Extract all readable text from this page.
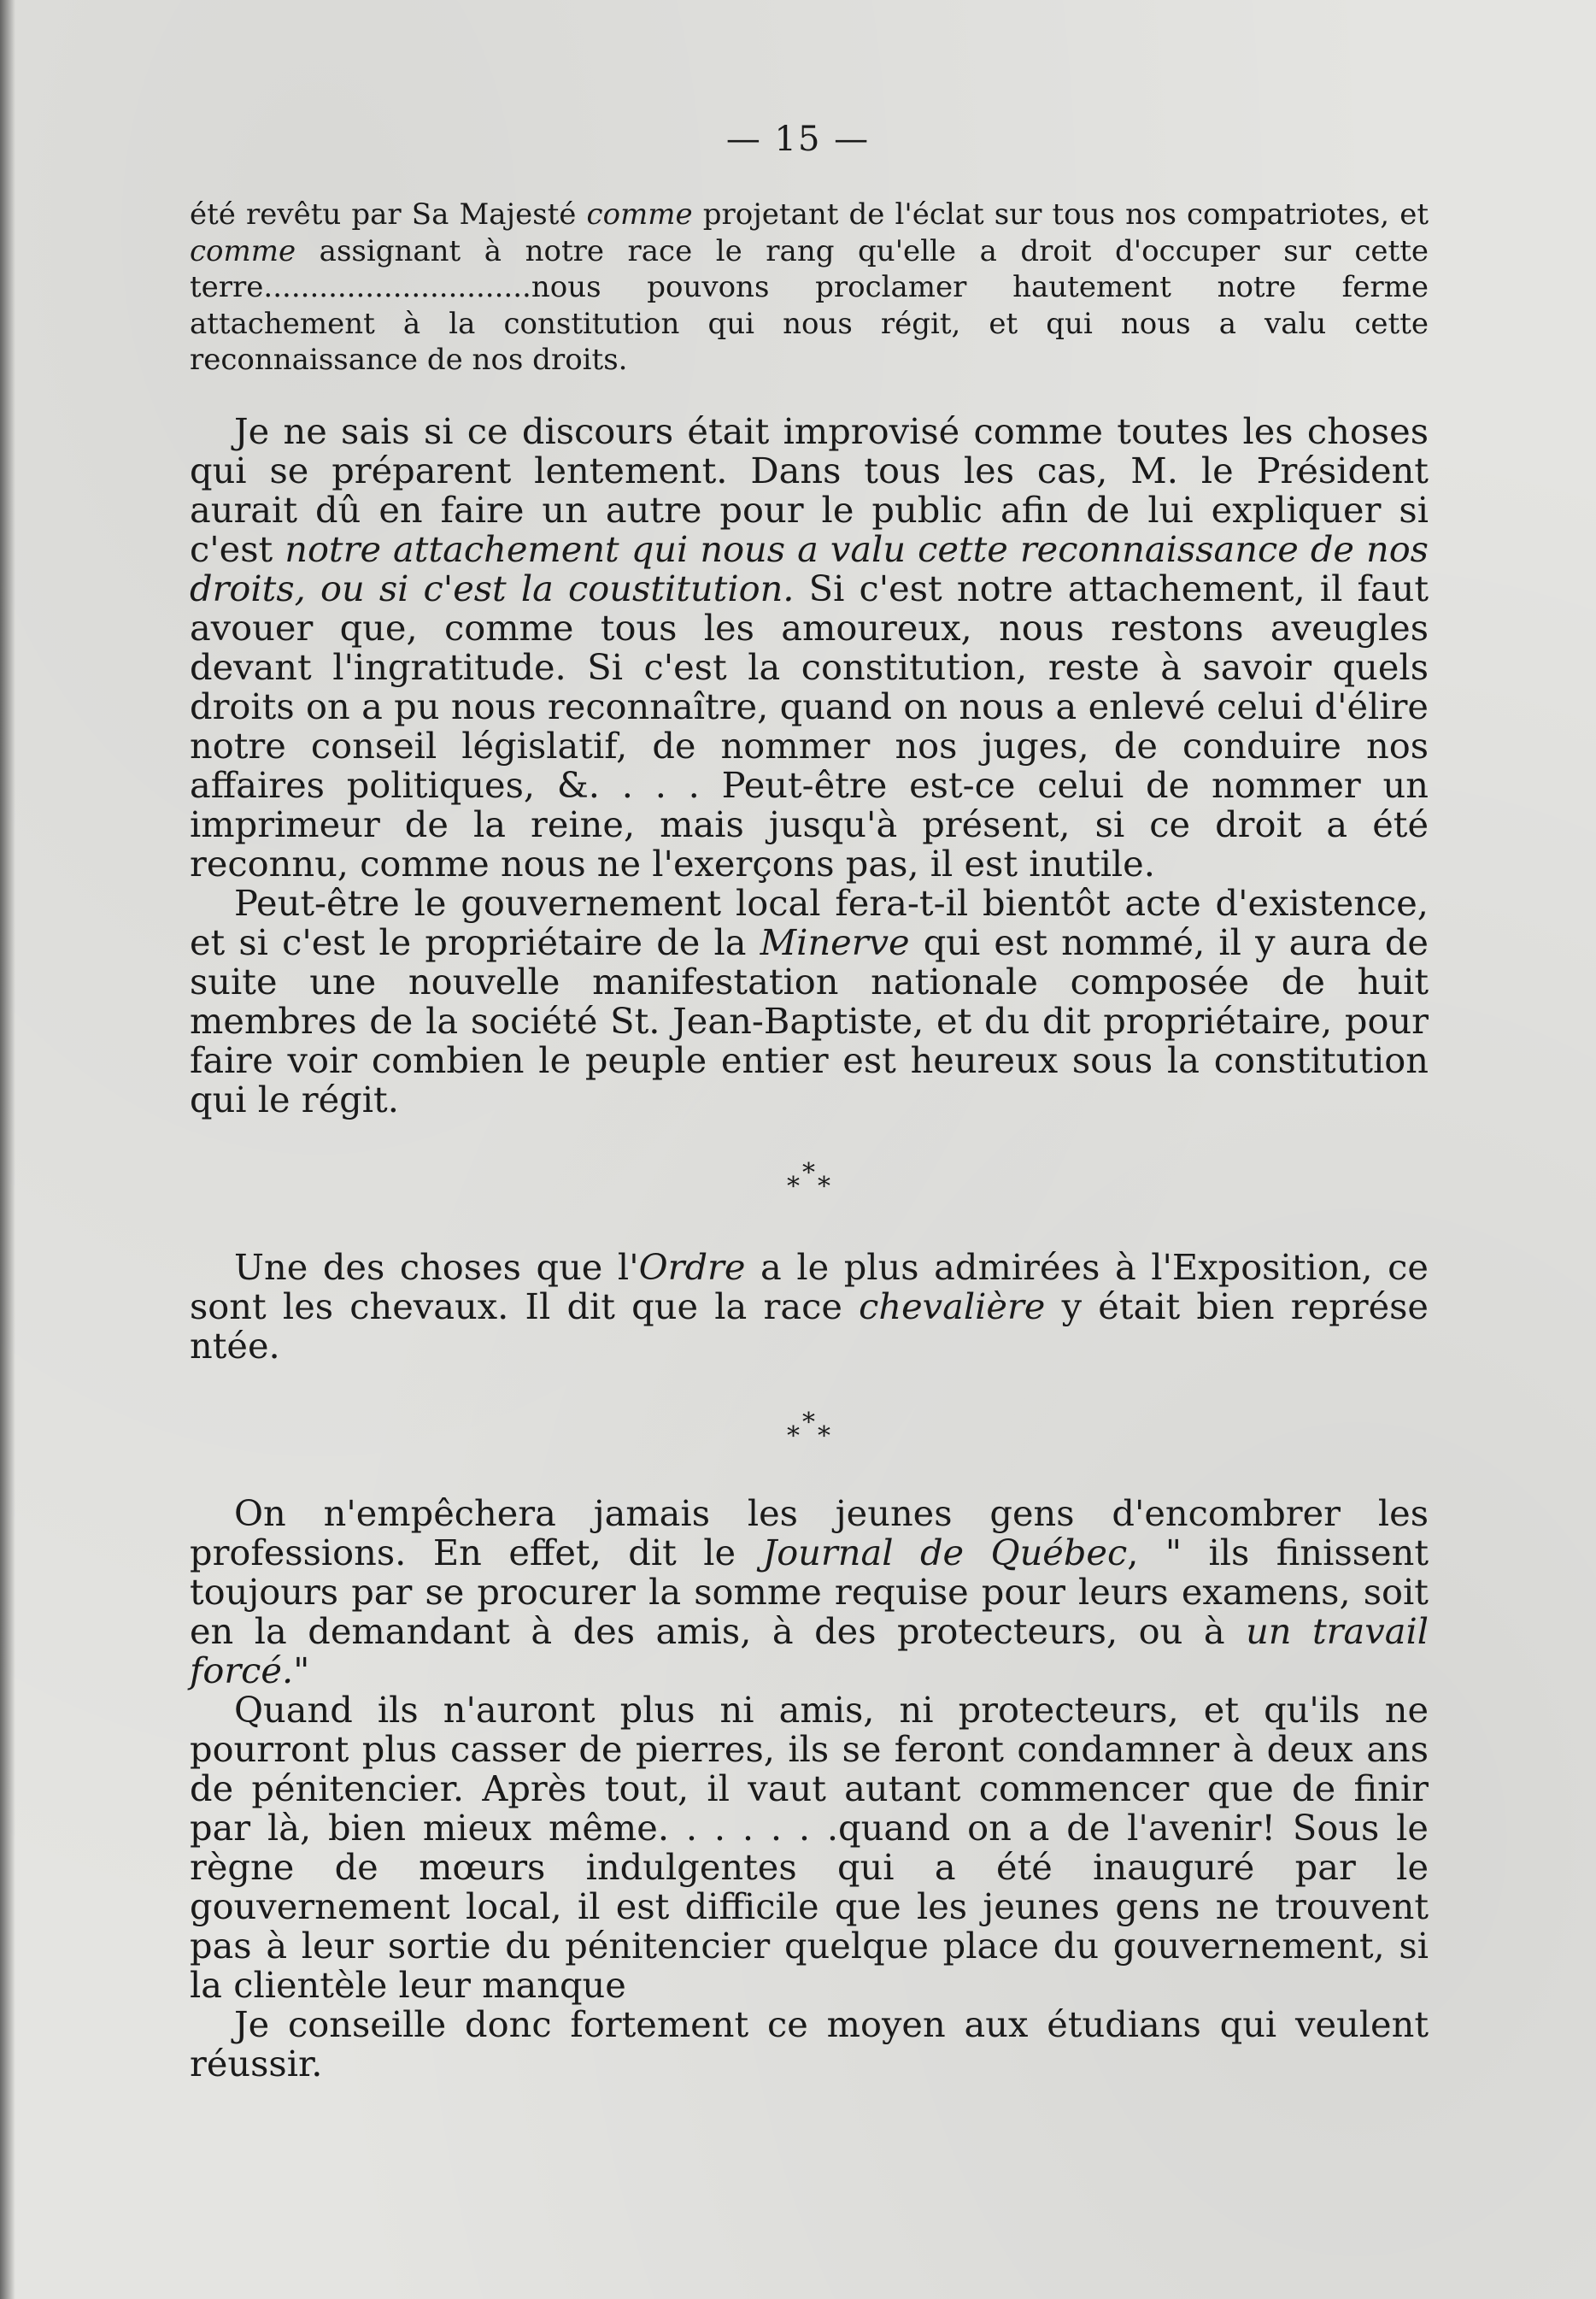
— 15 —

été revêtu par Sa Majesté comme projetant de l'éclat sur tous nos compatriotes, et comme assignant à notre race le rang qu'elle a droit d'occuper sur cette terre.............................nous pouvons proclamer hautement notre ferme attachement à la constitution qui nous régit, et qui nous a valu cette reconnaissance de nos droits.

Je ne sais si ce discours était improvisé comme toutes les choses qui se préparent lentement. Dans tous les cas, M. le Président aurait dû en faire un autre pour le public afin de lui expliquer si c'est notre attachement qui nous a valu cette reconnaissance de nos droits, ou si c'est la coustitution. Si c'est notre attachement, il faut avouer que, comme tous les amoureux, nous restons aveugles devant l'ingratitude. Si c'est la constitution, reste à savoir quels droits on a pu nous reconnaître, quand on nous a enlevé celui d'élire notre conseil législatif, de nommer nos juges, de conduire nos affaires politiques, &. . . . Peut-être est-ce celui de nommer un imprimeur de la reine, mais jusqu'à présent, si ce droit a été reconnu, comme nous ne l'exerçons pas, il est inutile.

Peut-être le gouvernement local fera-t-il bientôt acte d'existence, et si c'est le propriétaire de la Minerve qui est nommé, il y aura de suite une nouvelle manifestation nationale composée de huit membres de la société St. Jean-Baptiste, et du dit propriétaire, pour faire voir combien le peuple entier est heureux sous la constitution qui le régit.

*
* *

Une des choses que l'Ordre a le plus admirées à l'Exposition, ce sont les chevaux. Il dit que la race chevalière y était bien représe ntée.

*
* *

On n'empêchera jamais les jeunes gens d'encombrer les professions. En effet, dit le Journal de Québec, " ils finissent toujours par se procurer la somme requise pour leurs examens, soit en la demandant à des amis, à des protecteurs, ou à un travail forcé."

Quand ils n'auront plus ni amis, ni protecteurs, et qu'ils ne pourront plus casser de pierres, ils se feront condamner à deux ans de pénitencier. Après tout, il vaut autant commencer que de finir par là, bien mieux même. . . . . . .quand on a de l'avenir! Sous le règne de mœurs indulgentes qui a été inauguré par le gouvernement local, il est difficile que les jeunes gens ne trouvent pas à leur sortie du pénitencier quelque place du gouvernement, si la clientèle leur manque

Je conseille donc fortement ce moyen aux étudians qui veulent réussir.
